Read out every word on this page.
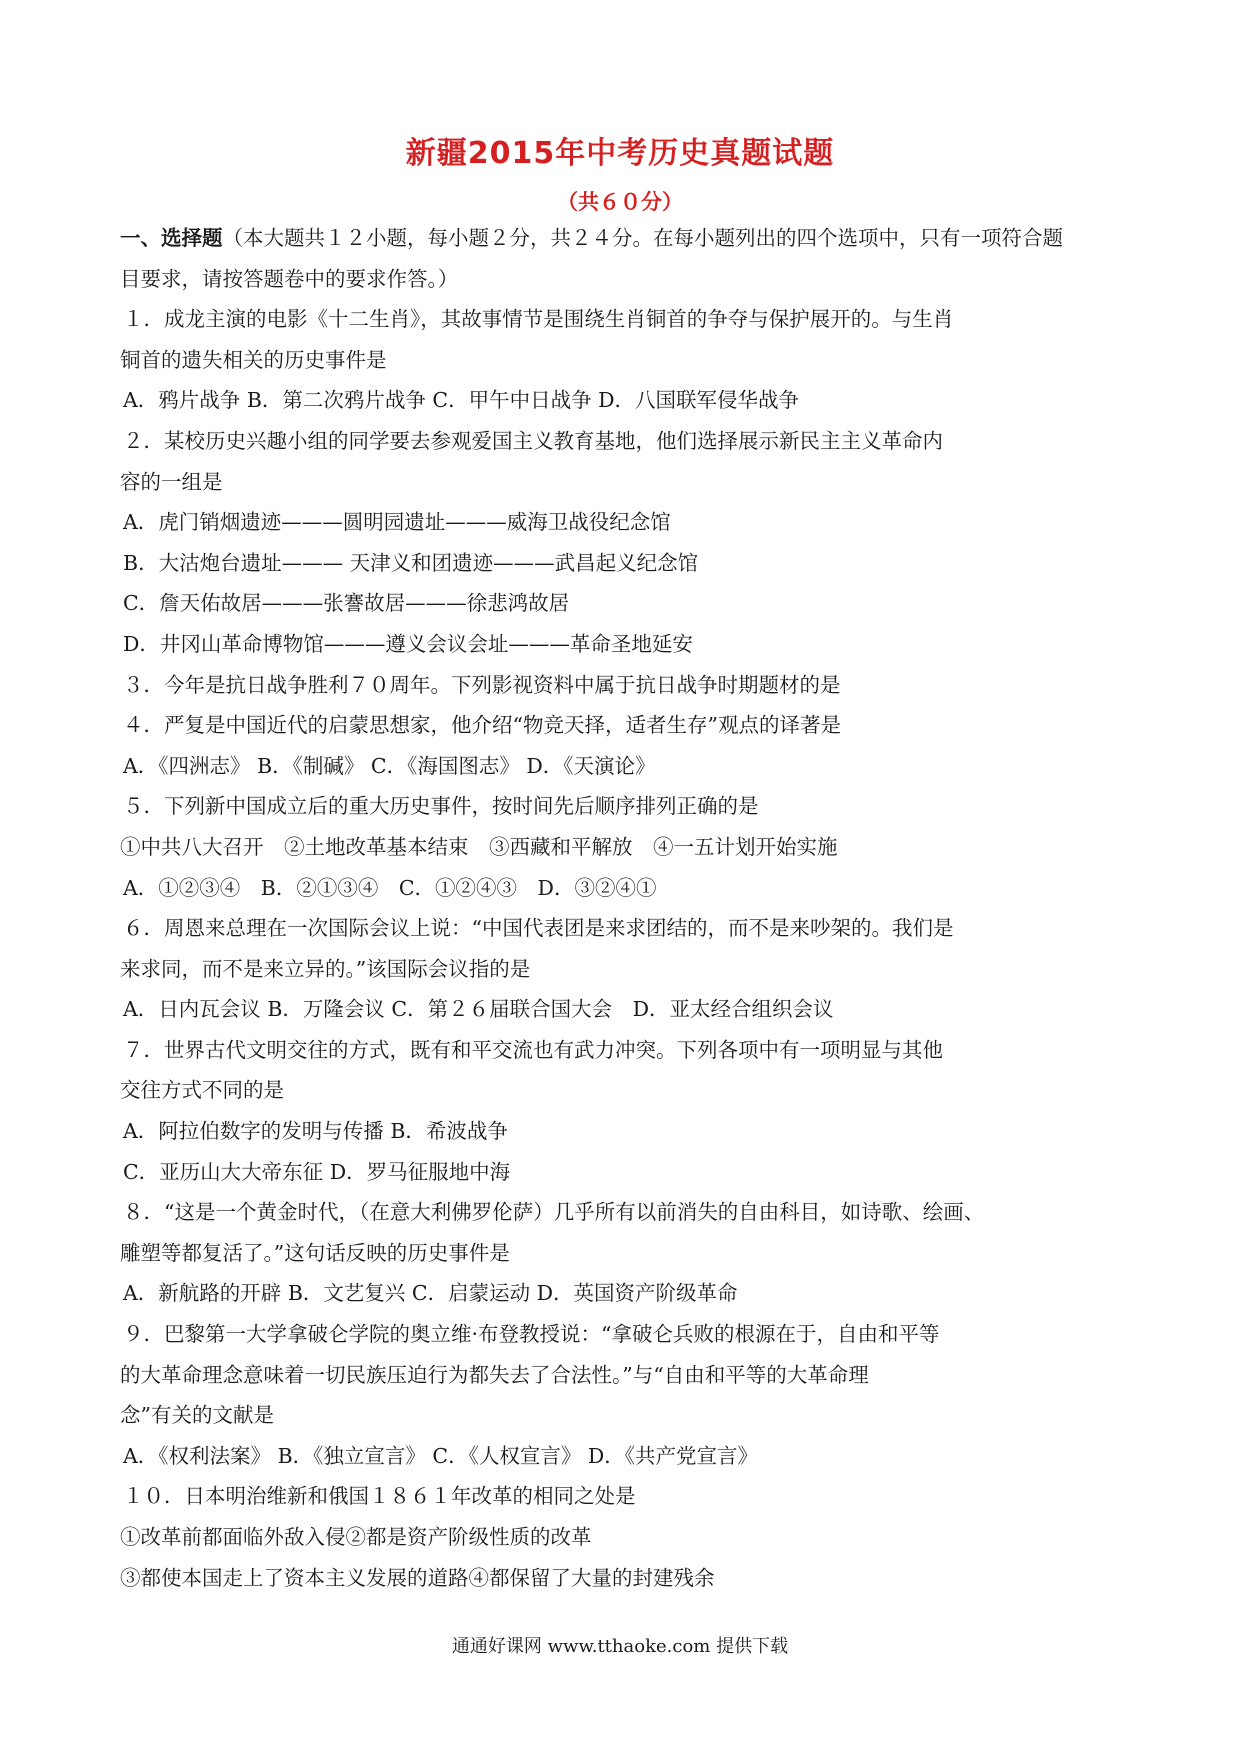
新疆2015年中考历史真题试题
（共６０分）

一、选择题（本大题共１２小题，每小题２分，共２４分。在每小题列出的四个选项中，只有一项符合题

目要求，请按答题卷中的要求作答。）

１．成龙主演的电影《十二生肖》，其故事情节是围绕生肖铜首的争夺与保护展开的。与生肖

铜首的遗失相关的历史事件是

A．鸦片战争 B．第二次鸦片战争 C．甲午中日战争 D．八国联军侵华战争

２．某校历史兴趣小组的同学要去参观爱国主义教育基地，他们选择展示新民主主义革命内

容的一组是

A．虎门销烟遗迹———圆明园遗址———威海卫战役纪念馆

B．大沽炮台遗址——— 天津义和团遗迹———武昌起义纪念馆

C．詹天佑故居———张謇故居———徐悲鸿故居

D．井冈山革命博物馆———遵义会议会址———革命圣地延安

３．今年是抗日战争胜利７０周年。下列影视资料中属于抗日战争时期题材的是

４．严复是中国近代的启蒙思想家，他介绍“物竞天择，适者生存”观点的译著是

A．《四洲志》 B．《制碱》 C．《海国图志》 D．《天演论》

５．下列新中国成立后的重大历史事件，按时间先后顺序排列正确的是

①中共八大召开　②土地改革基本结束　③西藏和平解放　④一五计划开始实施

A．①②③④　B．②①③④　C．①②④③　D．③②④①

６．周恩来总理在一次国际会议上说：“中国代表团是来求团结的，而不是来吵架的。我们是

来求同，而不是来立异的。”该国际会议指的是

A．日内瓦会议 B．万隆会议 C．第２６届联合国大会　D．亚太经合组织会议

７．世界古代文明交往的方式，既有和平交流也有武力冲突。下列各项中有一项明显与其他

交往方式不同的是

A．阿拉伯数字的发明与传播 B．希波战争

C．亚历山大大帝东征 D．罗马征服地中海

８．“这是一个黄金时代，（在意大利佛罗伦萨）几乎所有以前消失的自由科目，如诗歌、绘画、

雕塑等都复活了。”这句话反映的历史事件是

A．新航路的开辟 B．文艺复兴 C．启蒙运动 D．英国资产阶级革命

９．巴黎第一大学拿破仑学院的奥立维·布登教授说：“拿破仑兵败的根源在于，自由和平等

的大革命理念意味着一切民族压迫行为都失去了合法性。”与“自由和平等的大革命理

念”有关的文献是

A．《权利法案》 B．《独立宣言》 C．《人权宣言》 D．《共产党宣言》

１０．日本明治维新和俄国１８６１年改革的相同之处是

①改革前都面临外敌入侵②都是资产阶级性质的改革

③都使本国走上了资本主义发展的道路④都保留了大量的封建残余

通通好课网 www.tthaoke.com 提供下载
